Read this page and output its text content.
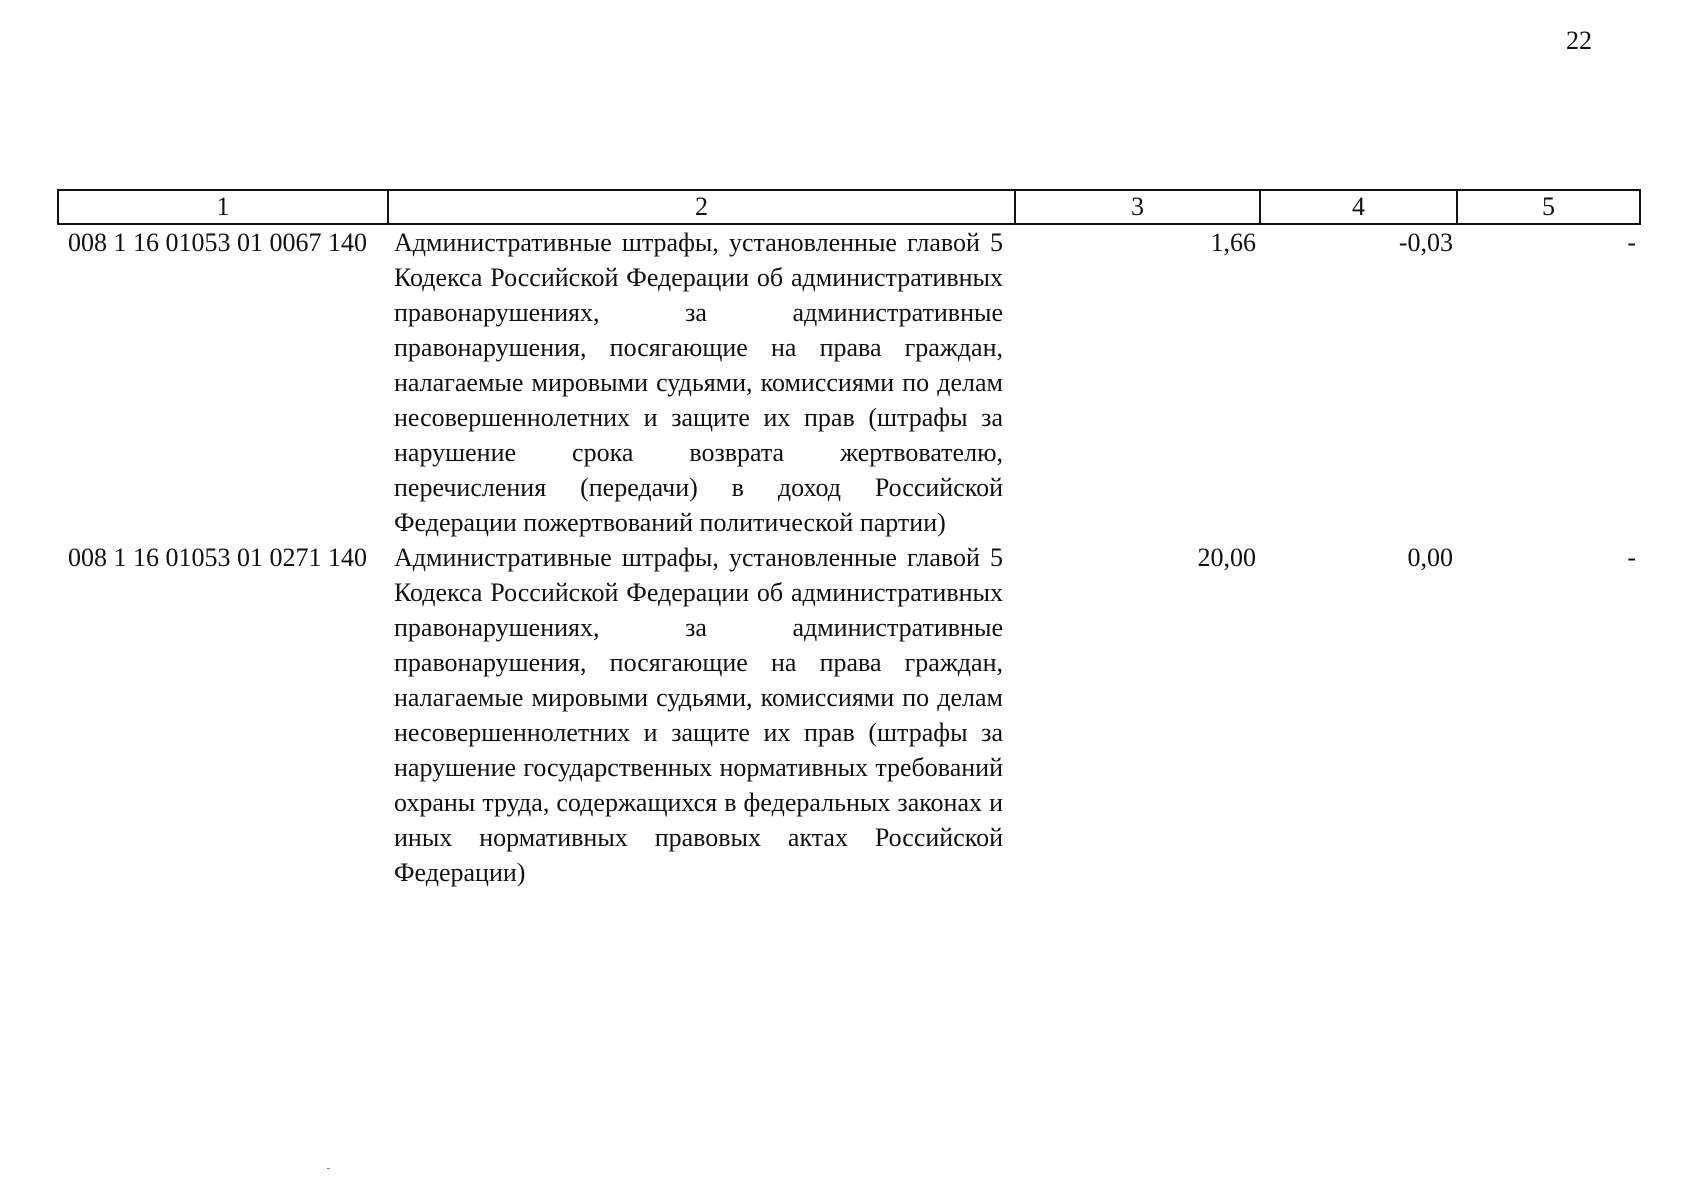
22
1	2	3	4	5
008 1 16 01053 01 0067 140	Административные штрафы, установленные главой 5 Кодекса Российской Федерации об административных правонарушениях, за административные правонарушения, посягающие на права граждан, налагаемые мировыми судьями, комиссиями по делам несовершеннолетних и защите их прав (штрафы за нарушение срока возврата жертвователю, перечисления (передачи) в доход Российской Федерации пожертвований политической партии)	1,66	-0,03	-
008 1 16 01053 01 0271 140	Административные штрафы, установленные главой 5 Кодекса Российской Федерации об административных правонарушениях, за административные правонарушения, посягающие на права граждан, налагаемые мировыми судьями, комиссиями по делам несовершеннолетних и защите их прав (штрафы за нарушение государственных нормативных требований охраны труда, содержащихся в федеральных законах и иных нормативных правовых актах Российской Федерации)	20,00	0,00	-
